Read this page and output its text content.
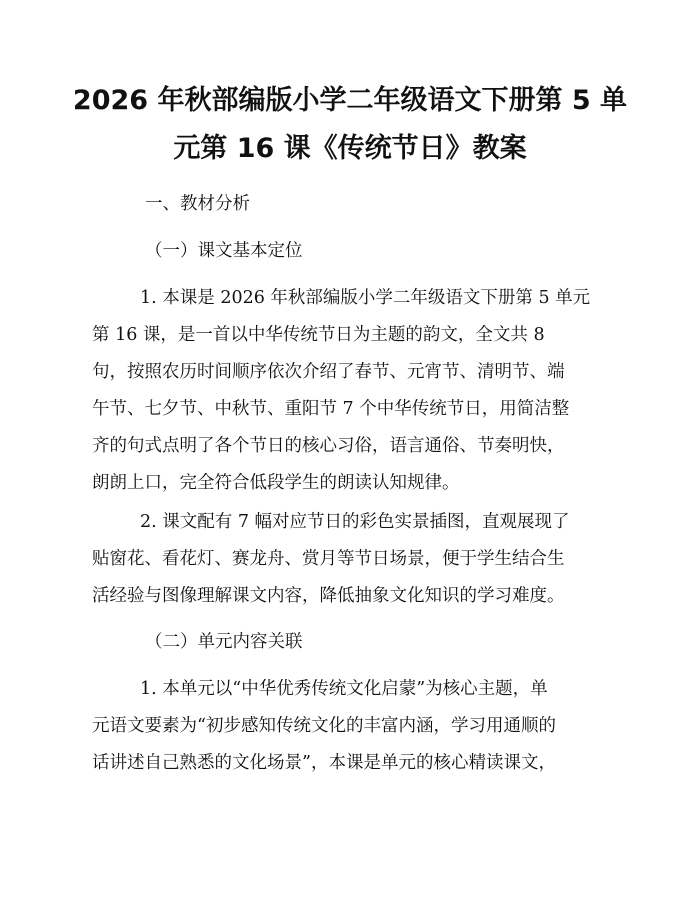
2026 年秋部编版小学二年级语文下册第 5 单
元第 16 课《传统节日》教案
一、教材分析
（一）课文基本定位
1. 本课是 2026 年秋部编版小学二年级语文下册第 5 单元
第 16 课，是一首以中华传统节日为主题的韵文，全文共 8
句，按照农历时间顺序依次介绍了春节、元宵节、清明节、端
午节、七夕节、中秋节、重阳节 7 个中华传统节日，用简洁整
齐的句式点明了各个节日的核心习俗，语言通俗、节奏明快，
朗朗上口，完全符合低段学生的朗读认知规律。
2. 课文配有 7 幅对应节日的彩色实景插图，直观展现了
贴窗花、看花灯、赛龙舟、赏月等节日场景，便于学生结合生
活经验与图像理解课文内容，降低抽象文化知识的学习难度。
（二）单元内容关联
1. 本单元以“中华优秀传统文化启蒙”为核心主题，单
元语文要素为“初步感知传统文化的丰富内涵，学习用通顺的
话讲述自己熟悉的文化场景”，本课是单元的核心精读课文，
